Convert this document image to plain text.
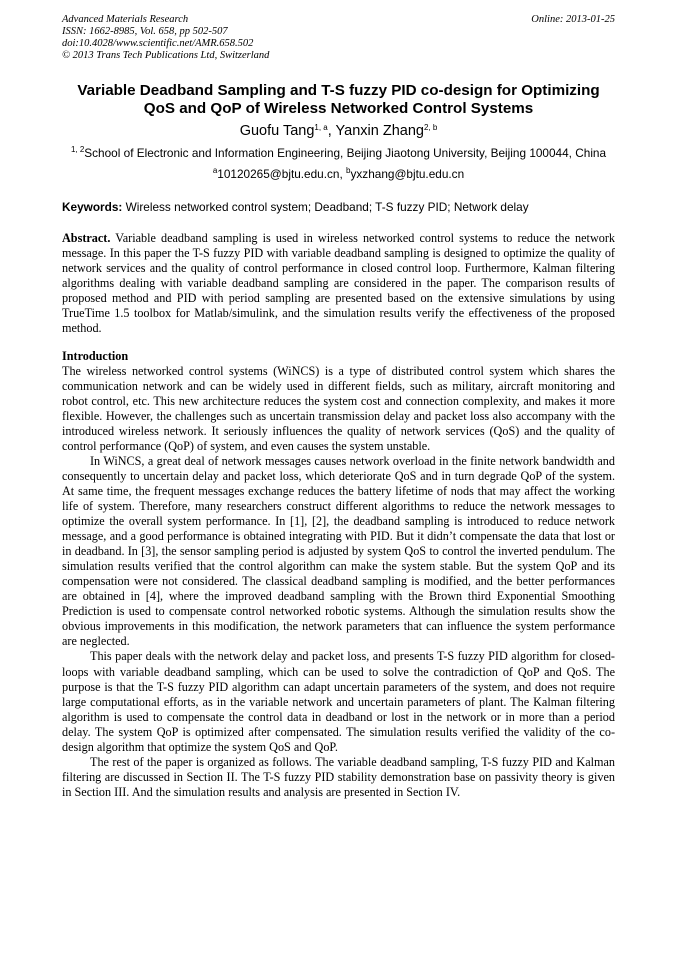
Advanced Materials Research
ISSN: 1662-8985, Vol. 658, pp 502-507
doi:10.4028/www.scientific.net/AMR.658.502
© 2013 Trans Tech Publications Ltd, Switzerland
Online: 2013-01-25
Variable Deadband Sampling and T-S fuzzy PID co-design for Optimizing QoS and QoP of Wireless Networked Control Systems
Guofu Tang$^{1, a}$, Yanxin Zhang$^{2, b}$
$^{1, 2}$School of Electronic and Information Engineering, Beijing Jiaotong University, Beijing 100044, China
$^a$10120265@bjtu.edu.cn, $^b$yxzhang@bjtu.edu.cn
Keywords: Wireless networked control system; Deadband; T-S fuzzy PID; Network delay

Abstract. Variable deadband sampling is used in wireless networked control systems to reduce the network message. In this paper the T-S fuzzy PID with variable deadband sampling is designed to optimize the quality of network services and the quality of control performance in closed control loop. Furthermore, Kalman filtering algorithms dealing with variable deadband sampling are considered in the paper. The comparison results of proposed method and PID with period sampling are presented based on the extensive simulations by using TrueTime 1.5 toolbox for Matlab/simulink, and the simulation results verify the effectiveness of the proposed method.

Introduction

The wireless networked control systems (WiNCS) is a type of distributed control system which shares the communication network and can be widely used in different fields, such as military, aircraft monitoring and robot control, etc. This new architecture reduces the system cost and connection complexity, and makes it more flexible. However, the challenges such as uncertain transmission delay and packet loss also accompany with the introduced wireless network. It seriously influences the quality of network services (QoS) and the quality of control performance (QoP) of system, and even causes the system unstable.

In WiNCS, a great deal of network messages causes network overload in the finite network bandwidth and consequently to uncertain delay and packet loss, which deteriorate QoS and in turn degrade QoP of the system. At same time, the frequent messages exchange reduces the battery lifetime of nods that may affect the working life of system. Therefore, many researchers construct different algorithms to reduce the network messages to optimize the overall system performance. In [1], [2], the deadband sampling is introduced to reduce network message, and a good performance is obtained integrating with PID. But it didn’t compensate the data that lost or in deadband. In [3], the sensor sampling period is adjusted by system QoS to control the inverted pendulum. The simulation results verified that the control algorithm can make the system stable. But the system QoP and its compensation were not considered. The classical deadband sampling is modified, and the better performances are obtained in [4], where the improved deadband sampling with the Brown third Exponential Smoothing Prediction is used to compensate control networked robotic systems. Although the simulation results show the obvious improvements in this modification, the network parameters that can influence the system performance are neglected.

This paper deals with the network delay and packet loss, and presents T-S fuzzy PID algorithm for closed-loops with variable deadband sampling, which can be used to solve the contradiction of QoP and QoS. The purpose is that the T-S fuzzy PID algorithm can adapt uncertain parameters of the system, and does not require large computational efforts, as in the variable network and uncertain parameters of plant. The Kalman filtering algorithm is used to compensate the control data in deadband or lost in the network or in more than a period delay. The system QoP is optimized after compensated. The simulation results verified the validity of the co-design algorithm that optimize the system QoS and QoP.

The rest of the paper is organized as follows. The variable deadband sampling, T-S fuzzy PID and Kalman filtering are discussed in Section II. The T-S fuzzy PID stability demonstration base on passivity theory is given in Section III. And the simulation results and analysis are presented in Section IV.
